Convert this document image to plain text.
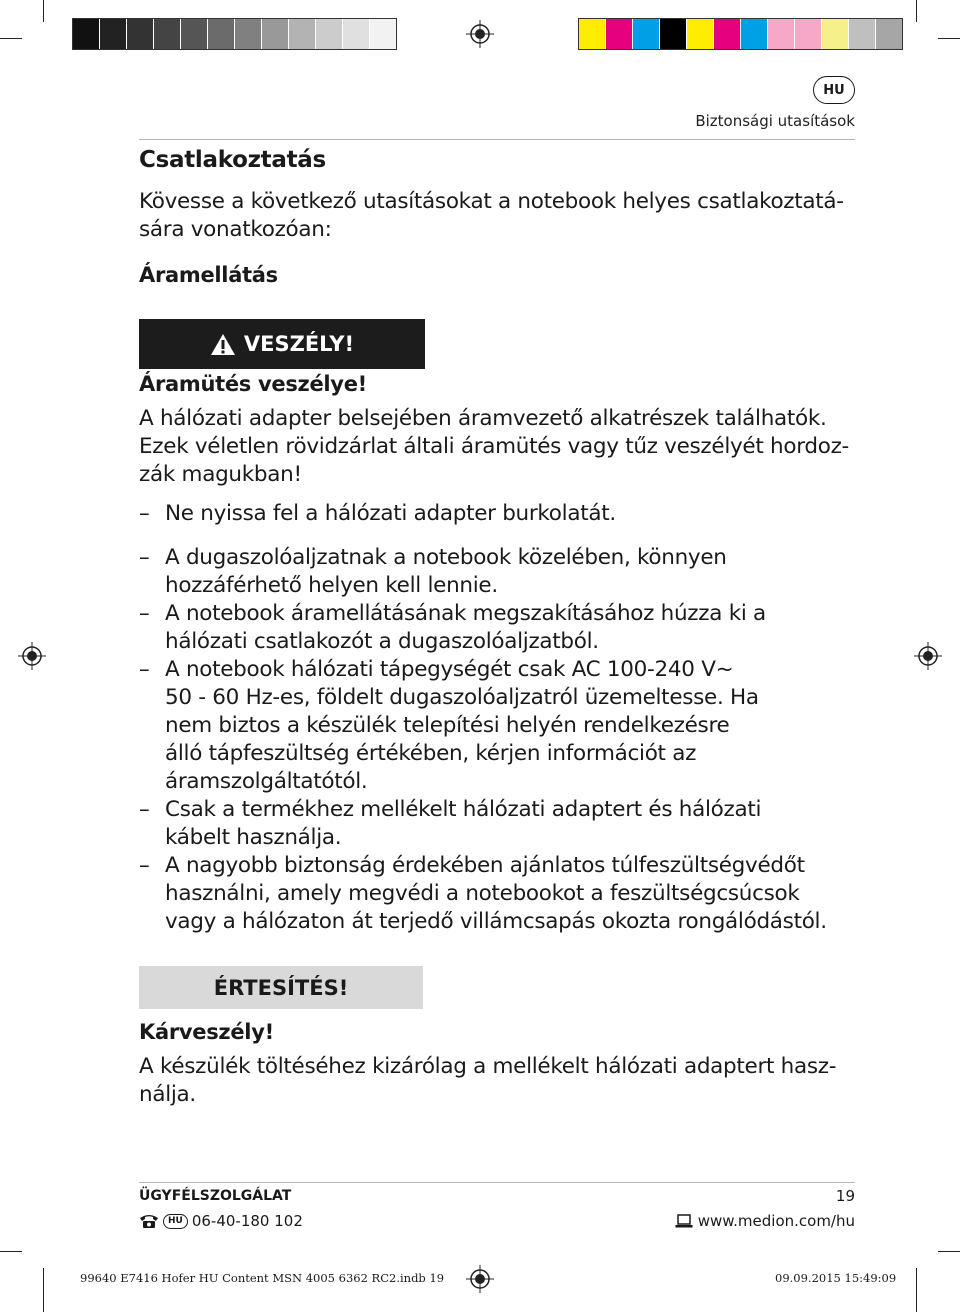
HU
Biztonsági utasítások
Csatlakoztatás
Kövesse a következő utasításokat a notebook helyes csatlakoztatá-
sára vonatkozóan:
Áramellátás
VESZÉLY!
Áramütés veszélye!
A hálózati adapter belsejében áramvezető alkatrészek találhatók.
Ezek véletlen rövidzárlat általi áramütés vagy tűz veszélyét hordoz-
zák magukban!
– Ne nyissa fel a hálózati adapter burkolatát.
– A dugaszolóaljzatnak a notebook közelében, könnyen
hozzáférhető helyen kell lennie.
– A notebook áramellátásának megszakításához húzza ki a
hálózati csatlakozót a dugaszolóaljzatból.
– A notebook hálózati tápegységét csak AC 100-240 V~
50 - 60 Hz-es, földelt dugaszolóaljzatról üzemeltesse. Ha
nem biztos a készülék telepítési helyén rendelkezésre
álló tápfeszültség értékében, kérjen információt az
áramszolgáltatótól.
– Csak a termékhez mellékelt hálózati adaptert és hálózati
kábelt használja.
– A nagyobb biztonság érdekében ajánlatos túlfeszültségvédőt
használni, amely megvédi a notebookot a feszültségcsúcsok
vagy a hálózaton át terjedő villámcsapás okozta rongálódástól.
ÉRTESÍTÉS!
Kárveszély!
A készülék töltéséhez kizárólag a mellékelt hálózati adaptert hasz-
nálja.
ÜGYFÉLSZOLGÁLAT	19
HU 06-40-180 102	www.medion.com/hu
99640 E7416 Hofer HU Content MSN 4005 6362 RC2.indb 19	09.09.2015 15:49:09
